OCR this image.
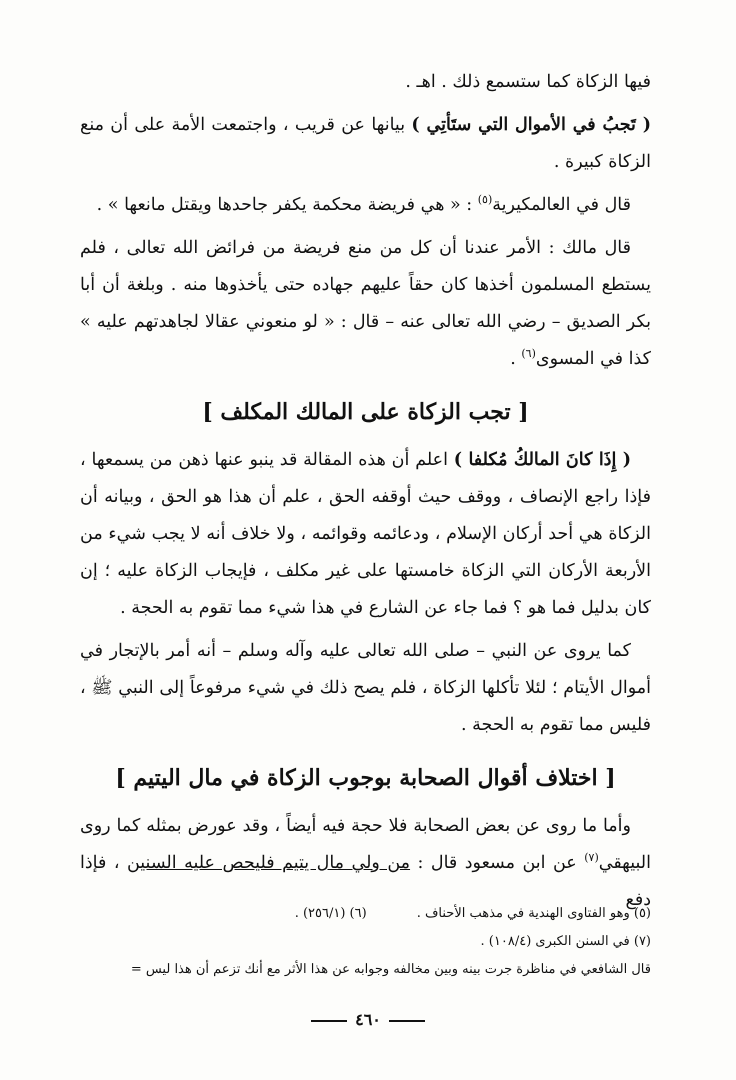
فيها الزكاة كما ستسمع ذلك . اهـ .

( تَجبُ في الأموال التي ستَأتِي ) بيانها عن قريب ، واجتمعت الأمة على أن منع الزكاة كبيرة .

قال في العالمكيرية$^{(٥)}$ : « هي فريضة محكمة يكفر جاحدها ويقتل مانعها » .

قال مالك : الأمر عندنا أن كل من منع فريضة من فرائض الله تعالى ، فلم يستطع المسلمون أخذها كان حقاً عليهم جهاده حتى يأخذوها منه . وبلغة أن أبا بكر الصديق – رضي الله تعالى عنه – قال : « لو منعوني عقالا لجاهدتهم عليه » كذا في المسوى$^{(٦)}$ .

[ تجب الزكاة على المالك المكلف ]

( إِذَا كانَ المالكُ مُكلفا ) اعلم أن هذه المقالة قد ينبو عنها ذهن من يسمعها ، فإذا راجع الإنصاف ، ووقف حيث أوقفه الحق ، علم أن هذا هو الحق ، وبيانه أن الزكاة هي أحد أركان الإسلام ، ودعائمه وقوائمه ، ولا خلاف أنه لا يجب شيء من الأربعة الأركان التي الزكاة خامستها على غير مكلف ، فإيجاب الزكاة عليه ؛ إن كان بدليل فما هو ؟ فما جاء عن الشارع في هذا شيء مما تقوم به الحجة .

كما يروى عن النبي – صلى الله تعالى عليه وآله وسلم – أنه أمر بالإتجار في أموال الأيتام ؛ لئلا تأكلها الزكاة ، فلم يصح ذلك في شيء مرفوعاً إلى النبي ﷺ ، فليس مما تقوم به الحجة .

[ اختلاف أقوال الصحابة بوجوب الزكاة في مال اليتيم ]

وأما ما روى عن بعض الصحابة فلا حجة فيه أيضاً ، وقد عورض بمثله كما روى البيهقي$^{(٧)}$ عن ابن مسعود قال : من ولي مال يتيم فليحص عليه السنين ، فإذا دفع

(٥) وهو الفتاوى الهندية في مذهب الأحناف .
(٦) (٢٥٦/١) .
(٧) في السنن الكبرى (١٠٨/٤) .
قال الشافعي في مناظرة جرت بينه وبين مخالفه وجوابه عن هذا الأثر مع أنك تزعم أن هذا ليس =
٤٦٠
